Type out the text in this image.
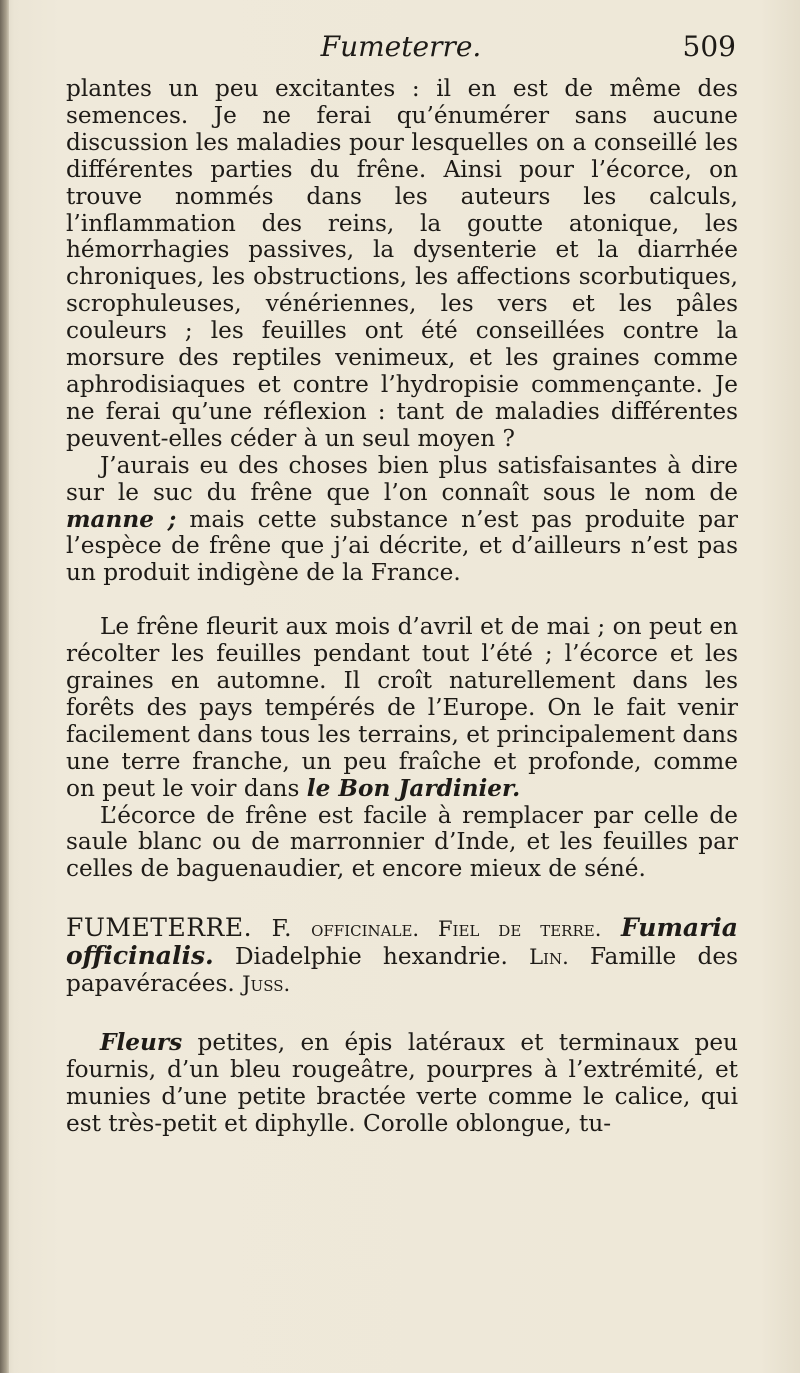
Fumeterre.	509

plantes un peu excitantes : il en est de même des semences. Je ne ferai qu’énumérer sans aucune discussion les maladies pour lesquelles on a conseillé les différentes parties du frêne. Ainsi pour l’écorce, on trouve nommés dans les auteurs les calculs, l’inflammation des reins, la goutte atonique, les hémorrhagies passives, la dysenterie et la diarrhée chroniques, les obstructions, les affections scorbutiques, scrophuleuses, vénériennes, les vers et les pâles couleurs ; les feuilles ont été conseillées contre la morsure des reptiles venimeux, et les graines comme aphrodisiaques et contre l’hydropisie commençante. Je ne ferai qu’une réflexion : tant de maladies différentes peuvent-elles céder à un seul moyen ?

J’aurais eu des choses bien plus satisfaisantes à dire sur le suc du frêne que l’on connaît sous le nom de manne ; mais cette substance n’est pas produite par l’espèce de frêne que j’ai décrite, et d’ailleurs n’est pas un produit indigène de la France.

Le frêne fleurit aux mois d’avril et de mai ; on peut en récolter les feuilles pendant tout l’été ; l’écorce et les graines en automne. Il croît naturellement dans les forêts des pays tempérés de l’Europe. On le fait venir facilement dans tous les terrains, et principalement dans une terre franche, un peu fraîche et profonde, comme on peut le voir dans le Bon Jardinier.

L’écorce de frêne est facile à remplacer par celle de saule blanc ou de marronnier d’Inde, et les feuilles par celles de baguenaudier, et encore mieux de séné.

FUMETERRE. F. officinale. Fiel de terre. Fumaria officinalis. Diadelphie hexandrie. Lin. Famille des papavéracées. Juss.

Fleurs petites, en épis latéraux et terminaux peu fournis, d’un bleu rougeâtre, pourpres à l’extrémité, et munies d’une petite bractée verte comme le calice, qui est très-petit et diphylle. Corolle oblongue, tu-
